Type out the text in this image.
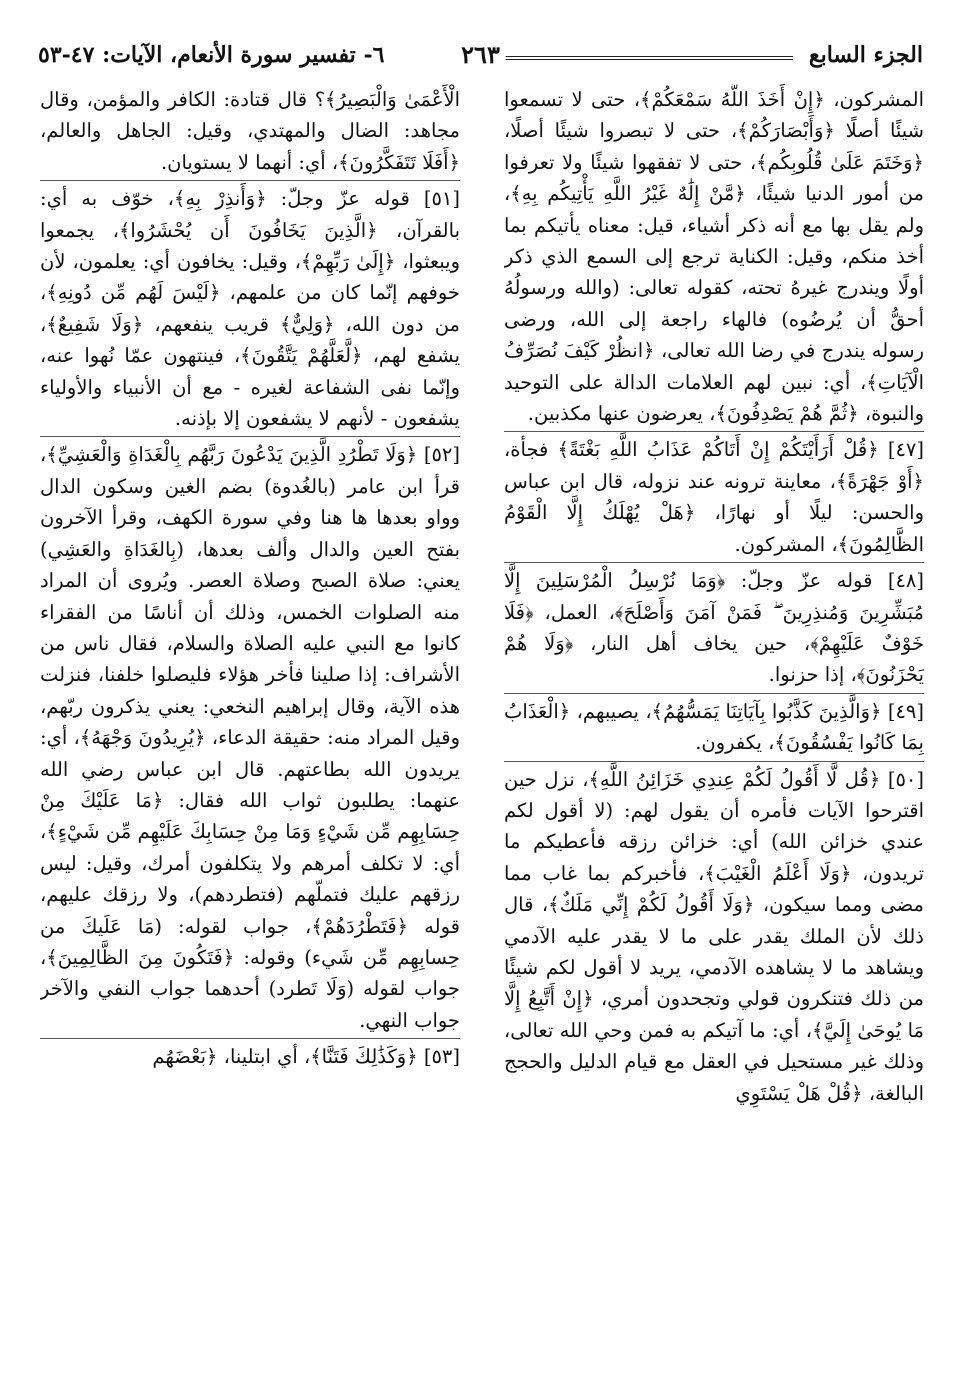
الجزء السابع
٢٦٣
٦- تفسير سورة الأنعام، الآيات: ٤٧-٥٣

المشركون، ﴿إِنْ أَخَذَ اللَّهُ سَمْعَكُمْ﴾، حتى لا تسمعوا شيئًا أصلًا ﴿وَأَبْصَارَكُمْ﴾، حتى لا تبصروا شيئًا أصلًا، ﴿وَخَتَمَ عَلَىٰ قُلُوبِكُم﴾، حتى لا تفقهوا شيئًا ولا تعرفوا من أمور الدنيا شيئًا، ﴿مَّنْ إِلَٰهٌ غَيْرُ اللَّهِ يَأْتِيكُم بِهِ﴾، ولم يقل بها مع أنه ذكر أشياء، قيل: معناه يأتيكم بما أخذ منكم، وقيل: الكناية ترجع إلى السمع الذي ذكر أولًا ويندرج غيرهُ تحته، كقوله تعالى: (والله ورسولُهُ أحقُّ أن يُرضُوه) فالهاء راجعة إلى الله، ورضى رسوله يندرج في رضا الله تعالى، ﴿انظُرْ كَيْفَ نُصَرِّفُ الْآيَاتِ﴾، أي: نبين لهم العلامات الدالة على التوحيد والنبوة، ﴿ثُمَّ هُمْ يَصْدِفُونَ﴾، يعرضون عنها مكذبين.

[٤٧] ﴿قُلْ أَرَأَيْتَكُمْ إِنْ أَتَاكُمْ عَذَابُ اللَّهِ بَغْتَةً﴾ فجأة، ﴿أَوْ جَهْرَةً﴾، معاينة ترونه عند نزوله، قال ابن عباس والحسن: ليلًا أو نهارًا، ﴿هَلْ يُهْلَكُ إِلَّا الْقَوْمُ الظَّالِمُونَ﴾، المشركون.

[٤٨] قوله عزّ وجلّ: ﴿وَمَا نُرْسِلُ الْمُرْسَلِينَ إِلَّا مُبَشِّرِينَ وَمُنذِرِينَ ۖ فَمَنْ آمَنَ وَأَصْلَحَ﴾، العمل، ﴿فَلَا خَوْفٌ عَلَيْهِمْ﴾، حين يخاف أهل النار، ﴿وَلَا هُمْ يَحْزَنُونَ﴾، إذا حزنوا.

[٤٩] ﴿وَالَّذِينَ كَذَّبُوا بِآيَاتِنَا يَمَسُّهُمُ﴾، يصيبهم، ﴿الْعَذَابُ بِمَا كَانُوا يَفْسُقُونَ﴾، يكفرون.

[٥٠] ﴿قُل لَّا أَقُولُ لَكُمْ عِندِي خَزَائِنُ اللَّهِ﴾، نزل حين اقترحوا الآيات فأمره أن يقول لهم: (لا أقول لكم عندي خزائن الله) أي: خزائن رزقه فأعطيكم ما تريدون، ﴿وَلَا أَعْلَمُ الْغَيْبَ﴾، فأخبركم بما غاب مما مضى ومما سيكون، ﴿وَلَا أَقُولُ لَكُمْ إِنِّي مَلَكٌ﴾، قال ذلك لأن الملك يقدر على ما لا يقدر عليه الآدمي ويشاهد ما لا يشاهده الآدمي، يريد لا أقول لكم شيئًا من ذلك فتنكرون قولي وتجحدون أمري، ﴿إِنْ أَتَّبِعُ إِلَّا مَا يُوحَىٰ إِلَيَّ﴾، أي: ما آتيكم به فمن وحي الله تعالى، وذلك غير مستحيل في العقل مع قيام الدليل والحجج البالغة، ﴿قُلْ هَلْ يَسْتَوِي

الْأَعْمَىٰ وَالْبَصِيرُ﴾؟ قال قتادة: الكافر والمؤمن، وقال مجاهد: الضال والمهتدي، وقيل: الجاهل والعالم، ﴿أَفَلَا تَتَفَكَّرُونَ﴾، أي: أنهما لا يستويان.

[٥١] قوله عزّ وجلّ: ﴿وَأَنذِرْ بِهِ﴾، خوّف به أي: بالقرآن، ﴿الَّذِينَ يَخَافُونَ أَن يُحْشَرُوا﴾، يجمعوا ويبعثوا، ﴿إِلَىٰ رَبِّهِمْ﴾، وقيل: يخافون أي: يعلمون، لأن خوفهم إنّما كان من علمهم، ﴿لَيْسَ لَهُم مِّن دُونِهِ﴾، من دون الله، ﴿وَلِيٌّ﴾ قريب ينفعهم، ﴿وَلَا شَفِيعٌ﴾، يشفع لهم، ﴿لَّعَلَّهُمْ يَتَّقُونَ﴾، فينتهون عمّا نُهوا عنه، وإنّما نفى الشفاعة لغيره - مع أن الأنبياء والأولياء يشفعون - لأنهم لا يشفعون إلا بإذنه.

[٥٢] ﴿وَلَا تَطْرُدِ الَّذِينَ يَدْعُونَ رَبَّهُم بِالْغَدَاةِ وَالْعَشِيِّ﴾، قرأ ابن عامر (بالغُدوة) بضم الغين وسكون الدال وواو بعدها ها هنا وفي سورة الكهف، وقرأ الآخرون بفتح العين والدال وألف بعدها، (بِالغَدَاةِ والعَشِي) يعني: صلاة الصبح وصلاة العصر. ويُروى أن المراد منه الصلوات الخمس، وذلك أن أناسًا من الفقراء كانوا مع النبي عليه الصلاة والسلام، فقال ناس من الأشراف: إذا صلينا فأخر هؤلاء فليصلوا خلفنا، فنزلت هذه الآية، وقال إبراهيم النخعي: يعني يذكرون ربّهم، وقيل المراد منه: حقيقة الدعاء، ﴿يُرِيدُونَ وَجْهَهُ﴾، أي: يريدون الله بطاعتهم. قال ابن عباس رضي الله عنهما: يطلبون ثواب الله فقال: ﴿مَا عَلَيْكَ مِنْ حِسَابِهِم مِّن شَيْءٍ وَمَا مِنْ حِسَابِكَ عَلَيْهِم مِّن شَيْءٍ﴾، أي: لا تكلف أمرهم ولا يتكلفون أمرك، وقيل: ليس رزقهم عليك فتملّهم (فتطردهم)، ولا رزقك عليهم، قوله ﴿فَتَطْرُدَهُمْ﴾، جواب لقوله: (مَا عَلَيكَ من حِسابِهِم مِّن شَيء) وقوله: ﴿فَتَكُونَ مِنَ الظَّالِمِينَ﴾، جواب لقوله (وَلَا تَطرد) أحدهما جواب النفي والآخر جواب النهي.

[٥٣] ﴿وَكَذَٰلِكَ فَتَنَّا﴾، أي ابتلينا، ﴿بَعْضَهُم
